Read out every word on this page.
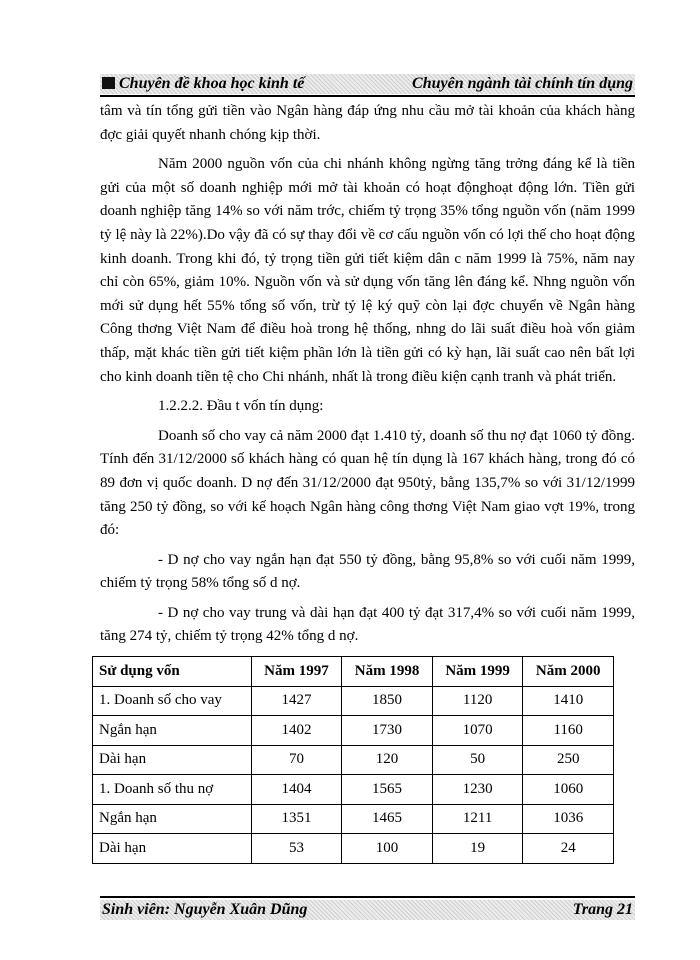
Chuyên đề khoa học kinh tế	Chuyên ngành tài chính tín dụng

tâm và tín tổng gửi tiền vào Ngân hàng đáp ứng nhu cầu mở tài khoản của khách hàng đợc giải quyết nhanh chóng kịp thời.

Năm 2000 nguồn vốn của chi nhánh không ngừng tăng trởng đáng kể là tiền gửi của một số doanh nghiệp mới mở tài khoản có hoạt độnghoạt động lớn. Tiền gửi doanh nghiệp tăng 14% so với năm trớc, chiếm tỷ trọng 35% tổng nguồn vốn (năm 1999 tỷ lệ này là 22%).Do vậy đã có sự thay đổi về cơ cấu nguồn vốn có lợi thế cho hoạt động kinh doanh. Trong khi đó, tỷ trọng tiền gửi tiết kiệm dân c năm 1999 là 75%, năm nay chỉ còn 65%, giảm 10%. Nguồn vốn và sử dụng vốn tăng lên đáng kể. Nhng nguồn vốn mới sử dụng hết 55% tổng số vốn, trừ tỷ lệ ký quỹ còn lại đợc chuyển về Ngân hàng Công thơng Việt Nam để điều hoà trong hệ thống, nhng do lãi suất điều hoà vốn giảm thấp, mặt khác tiền gửi tiết kiệm phần lớn là tiền gửi có kỳ hạn, lãi suất cao nên bất lợi cho kinh doanh tiền tệ cho Chi nhánh, nhất là trong điều kiện cạnh tranh và phát triển.

1.2.2.2. Đầu t vốn tín dụng:

Doanh số cho vay cả năm 2000 đạt 1.410 tỷ, doanh số thu nợ đạt 1060 tỷ đồng. Tính đến 31/12/2000 số khách hàng có quan hệ tín dụng là 167 khách hàng, trong đó có 89 đơn vị quốc doanh. D nợ đến 31/12/2000 đạt 950tỷ, bằng 135,7% so với 31/12/1999 tăng 250 tỷ đồng, so với kế hoạch Ngân hàng công thơng Việt Nam giao vợt 19%, trong đó:

- D nợ cho vay ngắn hạn đạt 550 tỷ đồng, bằng 95,8% so với cuối năm 1999, chiếm tỷ trọng 58% tổng số d nợ.

- D nợ cho vay trung và dài hạn đạt 400 tỷ đạt 317,4% so với cuối năm 1999, tăng 274 tỷ, chiếm tỷ trọng 42% tổng d nợ.

Sử dụng vốn	Năm 1997	Năm 1998	Năm 1999	Năm 2000
1. Doanh số cho vay	1427	1850	1120	1410
Ngắn hạn	1402	1730	1070	1160
Dài hạn	70	120	50	250
1. Doanh số thu nợ	1404	1565	1230	1060
Ngắn hạn	1351	1465	1211	1036
Dài hạn	53	100	19	24
Sinh viên: Nguyễn Xuân Dũng	Trang 21
